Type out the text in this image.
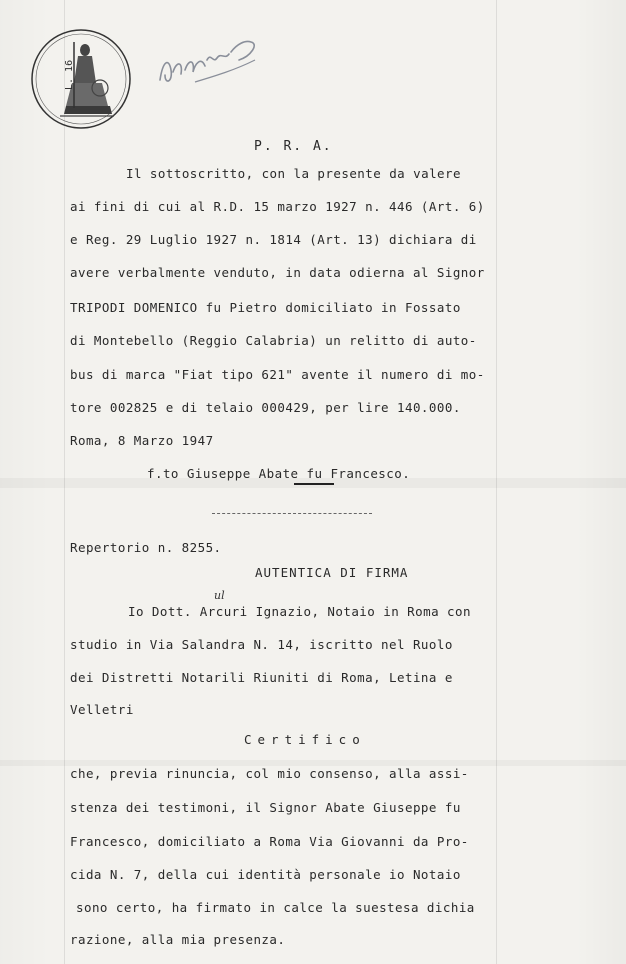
L. 16
P. R. A.
Il sottoscritto, con la presente da valere
ai fini di cui al R.D. 15 marzo 1927 n. 446 (Art. 6)
e Reg. 29 Luglio 1927 n. 1814 (Art. 13) dichiara di
avere verbalmente venduto, in data odierna al Signor
TRIPODI DOMENICO fu Pietro domiciliato in Fossato
di Montebello (Reggio Calabria) un relitto di auto-
bus di marca "Fiat tipo 621" avente il numero di mo-
tore 002825 e di telaio 000429, per lire 140.000.
Roma, 8 Marzo 1947
f.to Giuseppe Abate fu Francesco.
Repertorio n. 8255.
AUTENTICA DI FIRMA
ul
Io Dott. Arcuri Ignazio, Notaio in Roma con
studio in Via Salandra N. 14, iscritto nel Ruolo
dei Distretti Notarili Riuniti di Roma, Letina e
Velletri
Certifico
che, previa rinuncia, col mio consenso, alla assi-
stenza dei testimoni, il Signor Abate Giuseppe fu
Francesco, domiciliato a Roma Via Giovanni da Pro-
cida N. 7, della cui identità personale io Notaio
sono certo, ha firmato in calce la suestesa dichia
razione, alla mia presenza.
